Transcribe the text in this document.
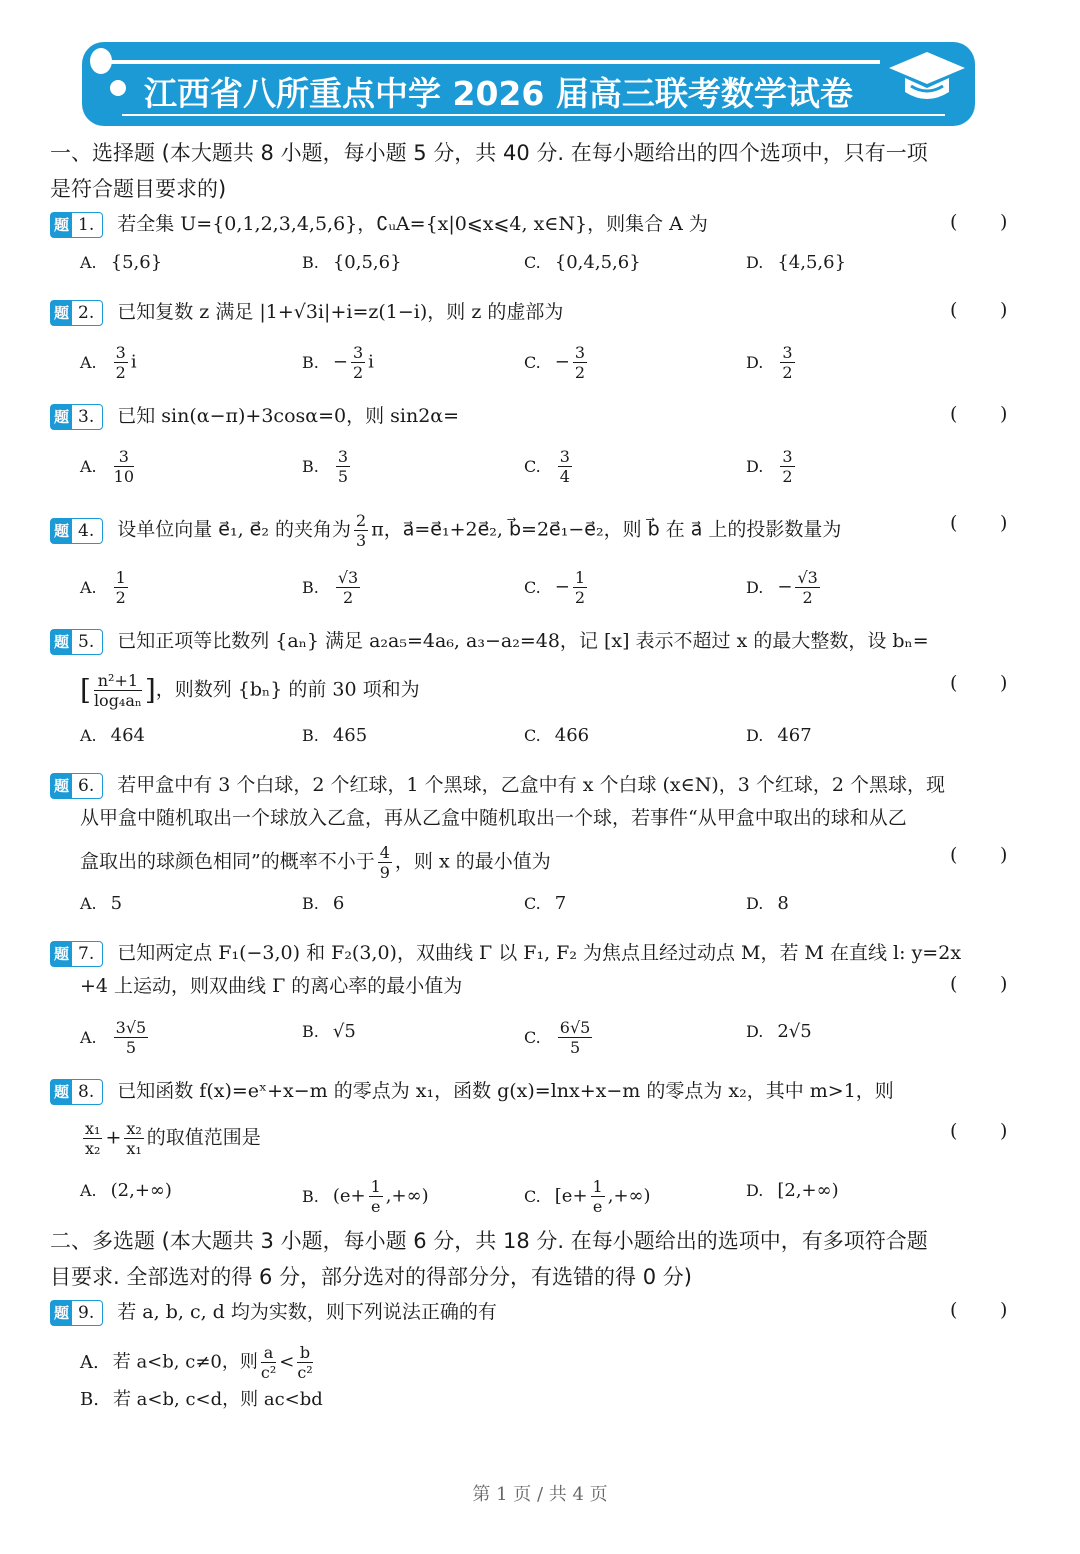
江西省八所重点中学 2026 届高三联考数学试卷
一、选择题 (本大题共 8 小题，每小题 5 分，共 40 分. 在每小题给出的四个选项中，只有一项
是符合题目要求的)
第 1 页 / 共 4 页
题 1.	若全集 U={0,1,2,3,4,5,6}，∁ᵤA={x|0⩽x⩽4, x∈N}，则集合 A 为	( )
A. {5,6}	B. {0,5,6}	C. {0,4,5,6}	D. {4,5,6}
题 2.	已知复数 z 满足 |1+√3i|+i=z(1−i)，则 z 的虚部为	( )
A. $\frac{3}{2}$ i	B. − $\frac{3}{2}$ i	C. − $\frac{3}{2}$	D. $\frac{3}{2}$
题 3.	已知 sin(α−π)+3cosα=0，则 sin2α=	( )
A. $\frac{3}{10}$	B. $\frac{3}{5}$	C. $\frac{3}{4}$	D. $\frac{3}{2}$
题 4.	设单位向量 e⃗₁, e⃗₂ 的夹角为 $\frac{2}{3}$ π，a⃗=e⃗₁+2e⃗₂, b⃗=2e⃗₁−e⃗₂，则 b⃗ 在 a⃗ 上的投影数量为	( )
A. $\frac{1}{2}$	B. $\frac{√3}{2}$	C. − $\frac{1}{2}$	D. − $\frac{√3}{2}$
题 5.	已知正项等比数列 {aₙ} 满足 a₂a₅=4a₆, a₃−a₂=48，记 [x] 表示不超过 x 的最大整数，设 bₙ=
[ $\frac{\text{n²+1}}{\text{log₄aₙ}}$ ]，则数列 {bₙ} 的前 30 项和为	( )
A. 464	B. 465	C. 466	D. 467
题 6.	若甲盒中有 3 个白球，2 个红球，1 个黑球，乙盒中有 x 个白球 (x∈N)，3 个红球，2 个黑球，现
从甲盒中随机取出一个球放入乙盒，再从乙盒中随机取出一个球，若事件“从甲盒中取出的球和从乙
盒取出的球颜色相同”的概率不小于 $\frac{4}{9}$ ，则 x 的最小值为	( )
A. 5	B. 6	C. 7	D. 8
题 7.	已知两定点 F₁(−3,0) 和 F₂(3,0)，双曲线 Γ 以 F₁, F₂ 为焦点且经过动点 M，若 M 在直线 l: y=2x
+4 上运动，则双曲线 Γ 的离心率的最小值为	( )
A. $\frac{3√5}{5}$	B. √5	C. $\frac{6√5}{5}$	D. 2√5
题 8.	已知函数 f(x)=eˣ+x−m 的零点为 x₁，函数 g(x)=lnx+x−m 的零点为 x₂，其中 m>1，则
$\frac{\text{x₁}}{\text{x₂}} + \frac{\text{x₂}}{\text{x₁}}$ 的取值范围是	( )
A. (2,+∞)	B. ($e+ \frac{1}{e}$ ,+∞)	C. [$e+ \frac{1}{e}$ ,+∞)	D. [2,+∞)
二、多选题 (本大题共 3 小题，每小题 6 分，共 18 分. 在每小题给出的选项中，有多项符合题
目要求. 全部选对的得 6 分，部分选对的得部分分，有选错的得 0 分)
题 9.	若 a, b, c, d 均为实数，则下列说法正确的有	( )
A. 若 a<b, c≠0，则 $\frac{a}{\text{c²}} < \frac{b}{\text{c²}}$
B. 若 a<b, c<d，则 ac<bd
